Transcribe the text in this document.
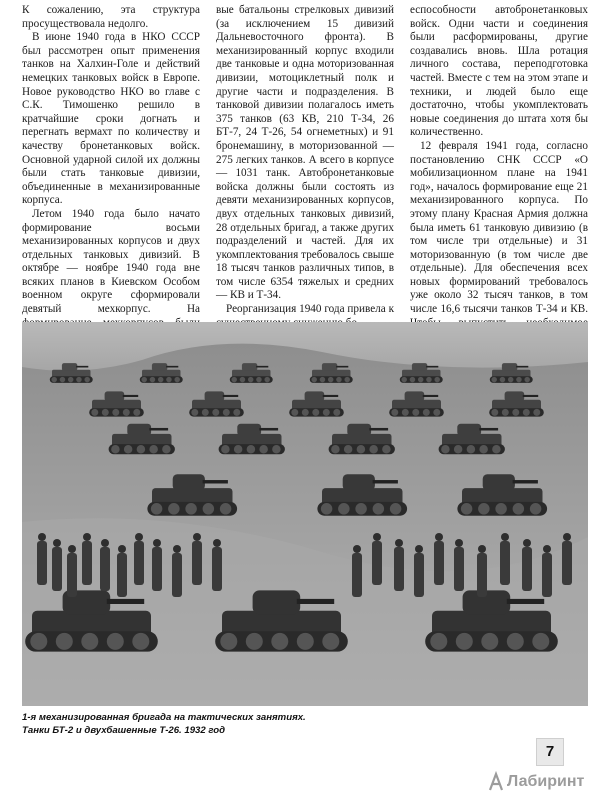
К сожалению, эта структура просуществовала недолго.

В июне 1940 года в НКО СССР был рассмотрен опыт применения танков на Халхин-Голе и действий немецких танковых войск в Европе. Новое руководство НКО во главе с С.К. Тимошенко решило в кратчайшие сроки догнать и перегнать вермахт по количеству и качеству бронетанковых войск. Основной ударной силой их должны были стать танковые дивизии, объединенные в механизированные корпуса.

Летом 1940 года было начато формирование восьми механизированных корпусов и двух отдельных танковых дивизий. В октябре — ноябре 1940 года вне всяких планов в Киевском Особом военном округе сформировали девятый мехкорпус. На

вые батальоны стрелковых дивизий (за исключением 15 дивизий Дальневосточного фронта). В механизированный корпус входили две танковые и одна моторизованная дивизии, мотоциклетный полк и другие части и подразделения. В танковой дивизии полагалось иметь 375 танков (63 КВ, 210 Т-34, 26 БТ-7, 24 Т-26, 54 огнеметных) и 91 бронемашину, в моторизованной — 275 легких танков. А всего в корпусе — 1031 танк. Автобронетанковые войска должны были состоять из девяти механизированных корпусов, двух отдельных танковых дивизий, 28 отдельных бригад, а также других подразделений и частей. Для их укомплектования требовалось свыше 18 тысяч танков различных типов, в том числе 6354 тяжелых и средних — КВ и Т-34.

Реорганизация 1940 года привела к

еспособности автобронетанковых войск. Одни части и соединения были расформированы, другие создавались вновь. Шла ротация личного состава, переподготовка частей. Вместе с тем на этом этапе и техники, и людей было еще достаточно, чтобы укомплектовать новые соединения до штата хотя бы количественно.

12 февраля 1941 года, согласно постановлению СНК СССР «О мобилизационном плане на 1941 год», началось формирование еще 21 механизированного корпуса. По этому плану Красная Армия должна была иметь 61 танковую дивизию (в том числе три отдельные) и 31 моторизованную (в том числе две отдельные). Для обеспечения всех новых формирований требовалось уже около 32 тысяч танков, в том числе 16,6 тысячи танков Т-34 и КВ.

1-я механизированная бригада на тактических занятиях.
Танки БТ-2 и двухбашенные Т-26. 1932 год
7
Лабиринт
